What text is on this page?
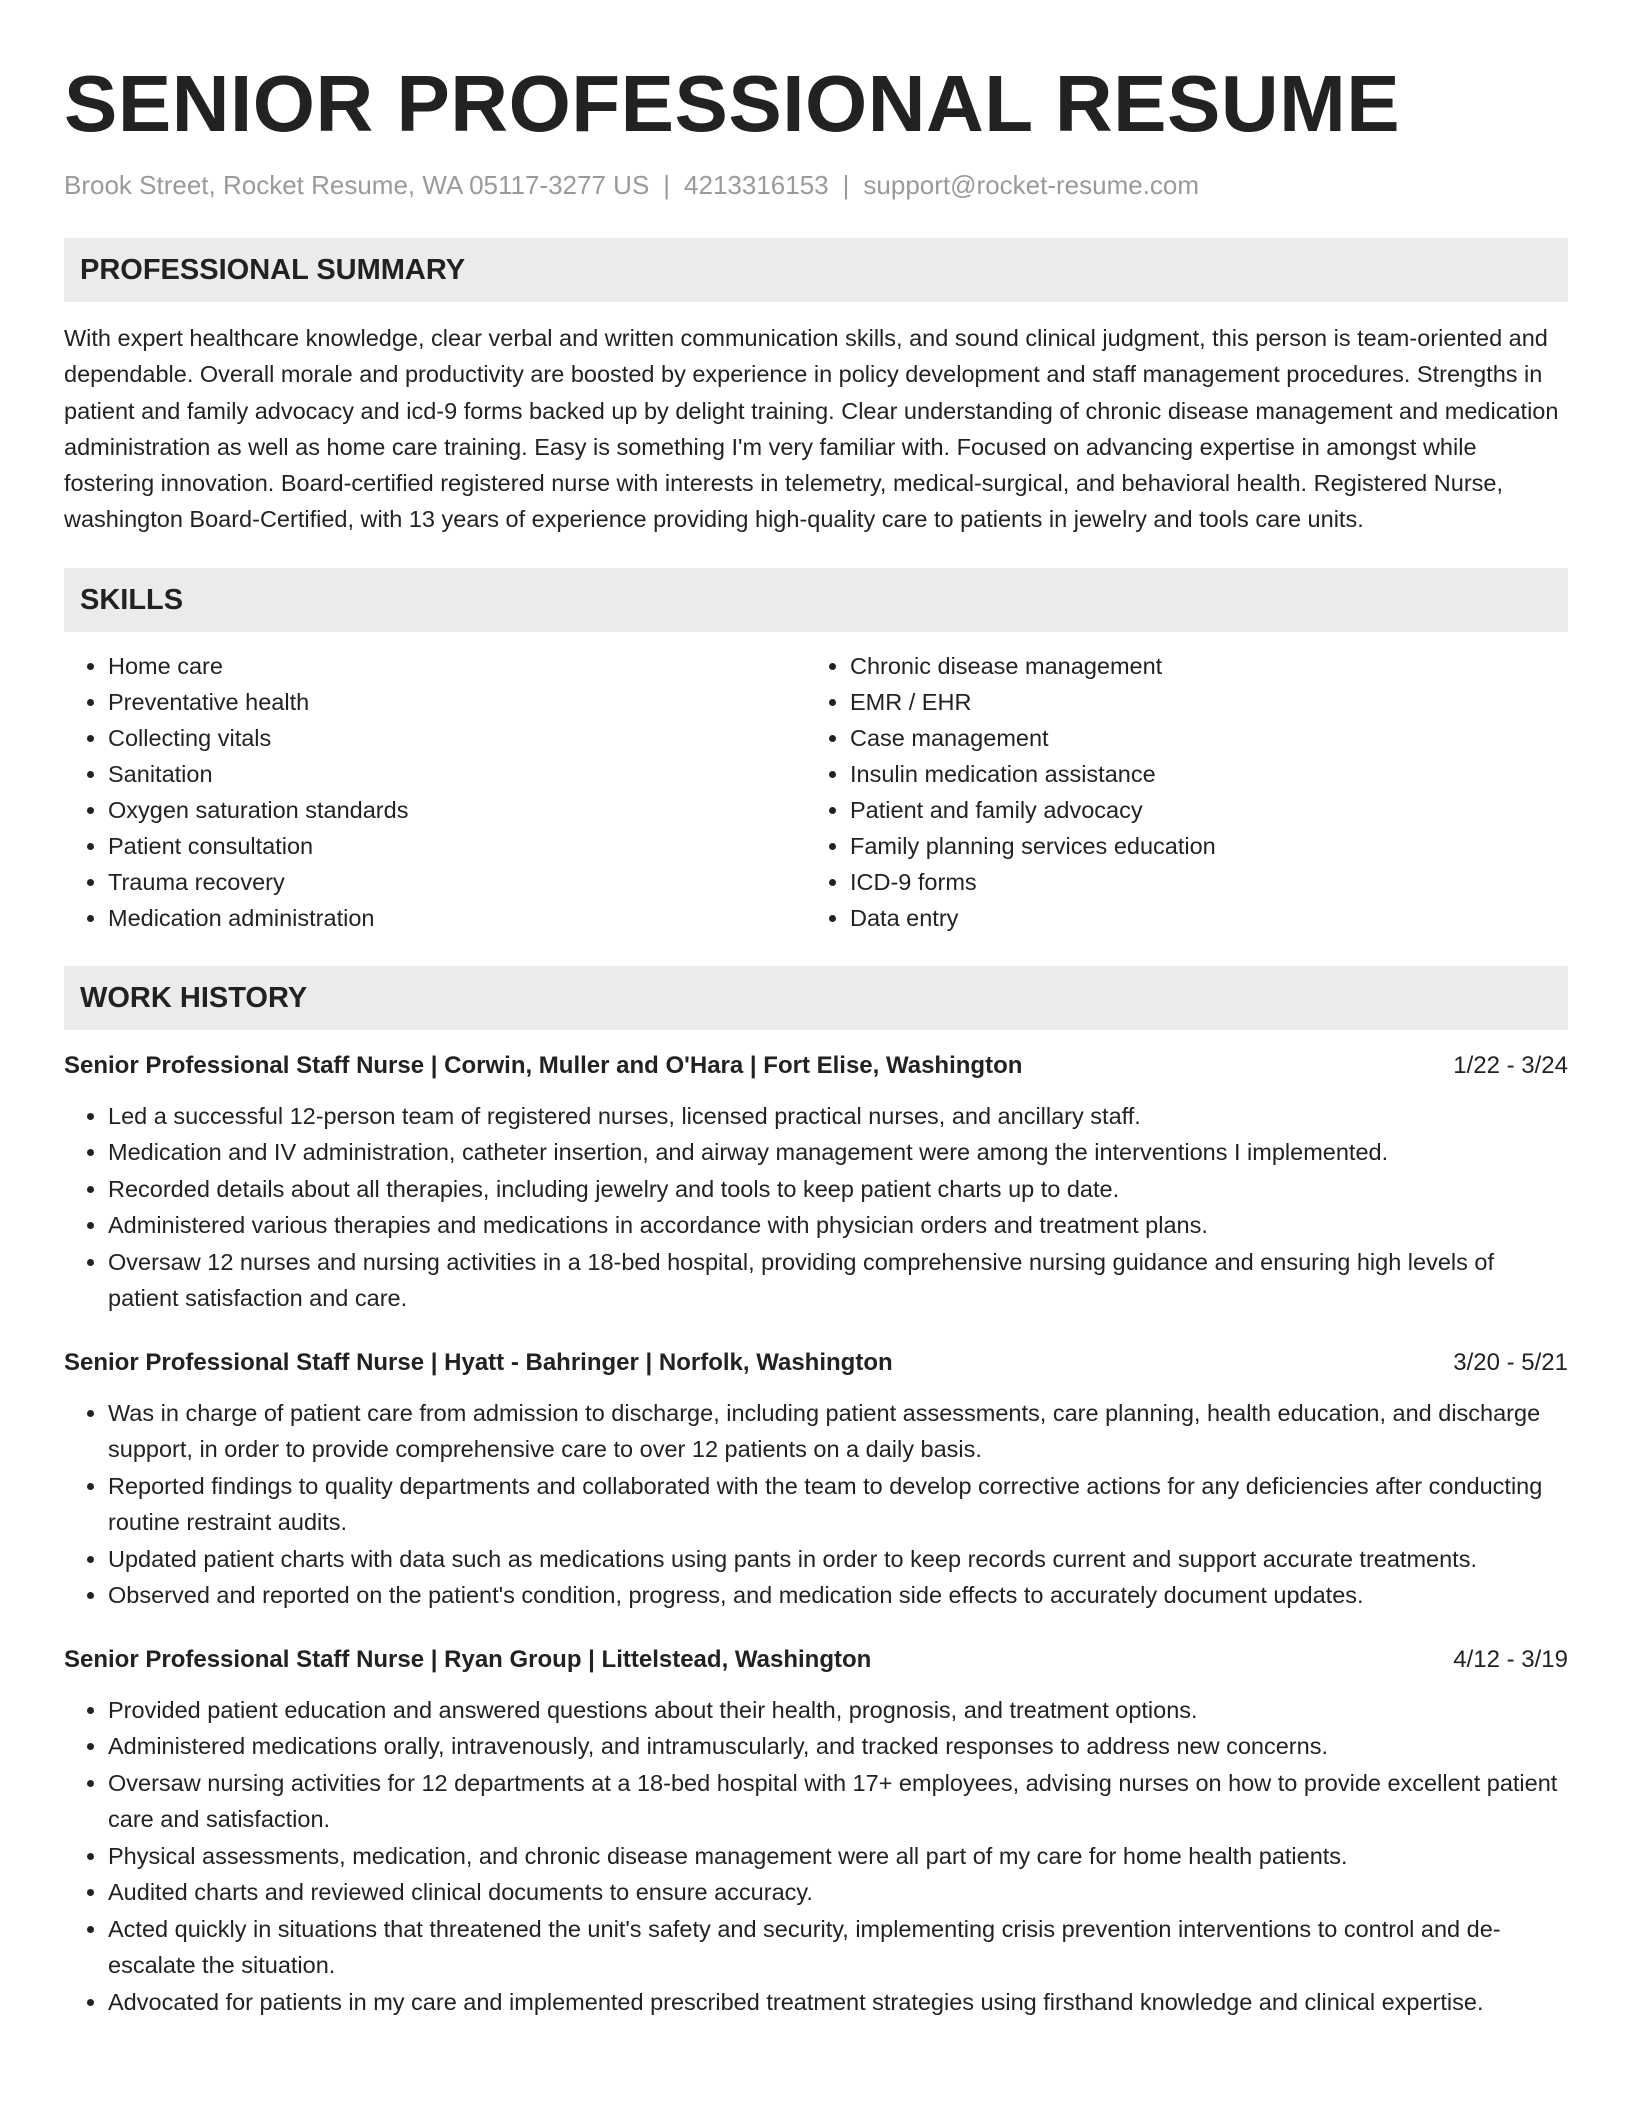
SENIOR PROFESSIONAL RESUME
Brook Street, Rocket Resume, WA 05117-3277 US | 4213316153 | support@rocket-resume.com
PROFESSIONAL SUMMARY
With expert healthcare knowledge, clear verbal and written communication skills, and sound clinical judgment, this person is team-oriented and dependable. Overall morale and productivity are boosted by experience in policy development and staff management procedures. Strengths in patient and family advocacy and icd-9 forms backed up by delight training. Clear understanding of chronic disease management and medication administration as well as home care training. Easy is something I'm very familiar with. Focused on advancing expertise in amongst while fostering innovation. Board-certified registered nurse with interests in telemetry, medical-surgical, and behavioral health. Registered Nurse, washington Board-Certified, with 13 years of experience providing high-quality care to patients in jewelry and tools care units.
SKILLS
• Home care
• Preventative health
• Collecting vitals
• Sanitation
• Oxygen saturation standards
• Patient consultation
• Trauma recovery
• Medication administration
• Chronic disease management
• EMR / EHR
• Case management
• Insulin medication assistance
• Patient and family advocacy
• Family planning services education
• ICD-9 forms
• Data entry
WORK HISTORY
Senior Professional Staff Nurse | Corwin, Muller and O'Hara | Fort Elise, Washington	1/22 - 3/24
• Led a successful 12-person team of registered nurses, licensed practical nurses, and ancillary staff.
• Medication and IV administration, catheter insertion, and airway management were among the interventions I implemented.
• Recorded details about all therapies, including jewelry and tools to keep patient charts up to date.
• Administered various therapies and medications in accordance with physician orders and treatment plans.
• Oversaw 12 nurses and nursing activities in a 18-bed hospital, providing comprehensive nursing guidance and ensuring high levels of patient satisfaction and care.
Senior Professional Staff Nurse | Hyatt - Bahringer | Norfolk, Washington	3/20 - 5/21
• Was in charge of patient care from admission to discharge, including patient assessments, care planning, health education, and discharge support, in order to provide comprehensive care to over 12 patients on a daily basis.
• Reported findings to quality departments and collaborated with the team to develop corrective actions for any deficiencies after conducting routine restraint audits.
• Updated patient charts with data such as medications using pants in order to keep records current and support accurate treatments.
• Observed and reported on the patient's condition, progress, and medication side effects to accurately document updates.
Senior Professional Staff Nurse | Ryan Group | Littelstead, Washington	4/12 - 3/19
• Provided patient education and answered questions about their health, prognosis, and treatment options.
• Administered medications orally, intravenously, and intramuscularly, and tracked responses to address new concerns.
• Oversaw nursing activities for 12 departments at a 18-bed hospital with 17+ employees, advising nurses on how to provide excellent patient care and satisfaction.
• Physical assessments, medication, and chronic disease management were all part of my care for home health patients.
• Audited charts and reviewed clinical documents to ensure accuracy.
• Acted quickly in situations that threatened the unit's safety and security, implementing crisis prevention interventions to control and de-escalate the situation.
• Advocated for patients in my care and implemented prescribed treatment strategies using firsthand knowledge and clinical expertise.
